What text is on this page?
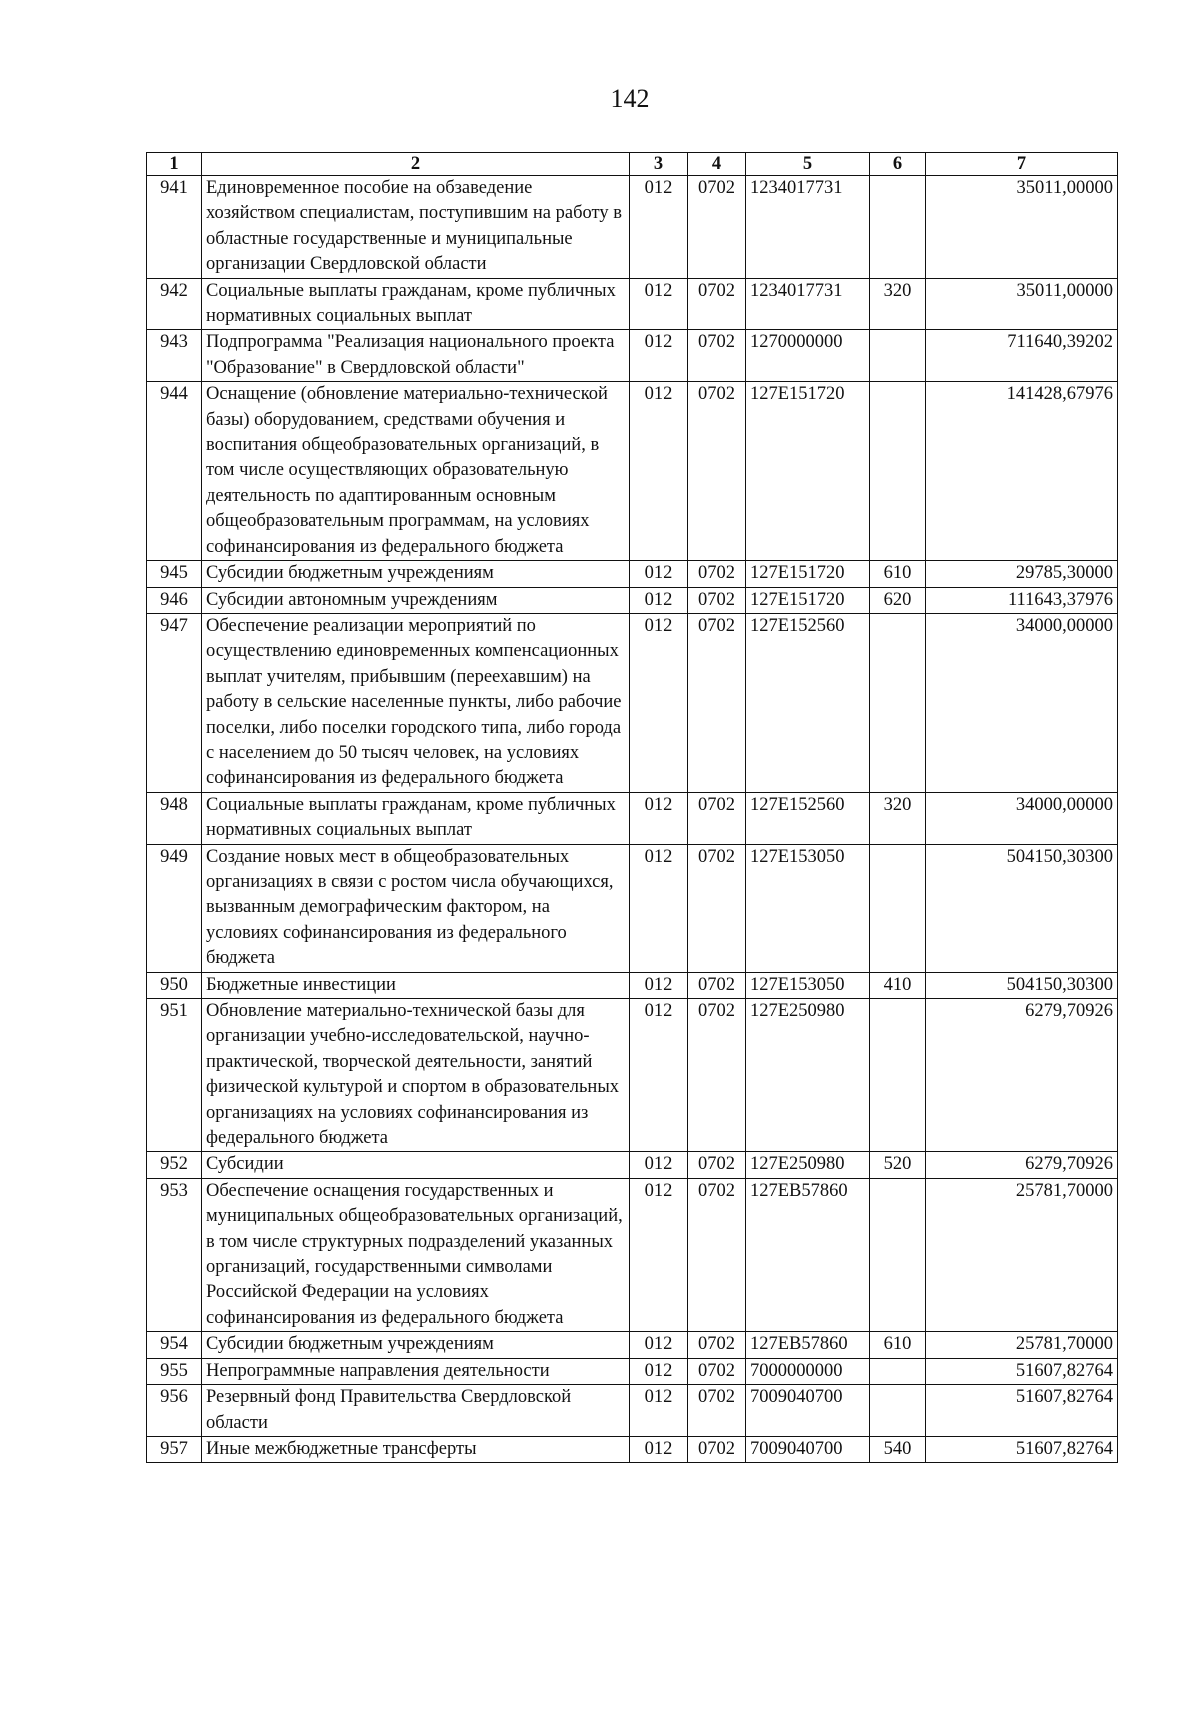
142
1	2	3	4	5	6	7
941	Единовременное пособие на обзаведение хозяйством специалистам, поступившим на работу в областные государственные и муниципальные организации Свердловской области	012	0702	1234017731		35011,00000
942	Социальные выплаты гражданам, кроме публичных нормативных социальных выплат	012	0702	1234017731	320	35011,00000
943	Подпрограмма "Реализация национального проекта "Образование" в Свердловской области"	012	0702	1270000000		711640,39202
944	Оснащение (обновление материально-технической базы) оборудованием, средствами обучения и воспитания общеобразовательных организаций, в том числе осуществляющих образовательную деятельность по адаптированным основным общеобразовательным программам, на условиях софинансирования из федерального бюджета	012	0702	127E151720		141428,67976
945	Субсидии бюджетным учреждениям	012	0702	127E151720	610	29785,30000
946	Субсидии автономным учреждениям	012	0702	127E151720	620	111643,37976
947	Обеспечение реализации мероприятий по осуществлению единовременных компенсационных выплат учителям, прибывшим (переехавшим) на работу в сельские населенные пункты, либо рабочие поселки, либо поселки городского типа, либо города с населением до 50 тысяч человек, на условиях софинансирования из федерального бюджета	012	0702	127E152560		34000,00000
948	Социальные выплаты гражданам, кроме публичных нормативных социальных выплат	012	0702	127E152560	320	34000,00000
949	Создание новых мест в общеобразовательных организациях в связи с ростом числа обучающихся, вызванным демографическим фактором, на условиях софинансирования из федерального бюджета	012	0702	127E153050		504150,30300
950	Бюджетные инвестиции	012	0702	127E153050	410	504150,30300
951	Обновление материально-технической базы для организации учебно-исследовательской, научно-практической, творческой деятельности, занятий физической культурой и спортом в образовательных организациях на условиях софинансирования из федерального бюджета	012	0702	127E250980		6279,70926
952	Субсидии	012	0702	127E250980	520	6279,70926
953	Обеспечение оснащения государственных и муниципальных общеобразовательных организаций, в том числе структурных подразделений указанных организаций, государственными символами Российской Федерации на условиях софинансирования из федерального бюджета	012	0702	127EB57860		25781,70000
954	Субсидии бюджетным учреждениям	012	0702	127EB57860	610	25781,70000
955	Непрограммные направления деятельности	012	0702	7000000000		51607,82764
956	Резервный фонд Правительства Свердловской области	012	0702	7009040700		51607,82764
957	Иные межбюджетные трансферты	012	0702	7009040700	540	51607,82764
